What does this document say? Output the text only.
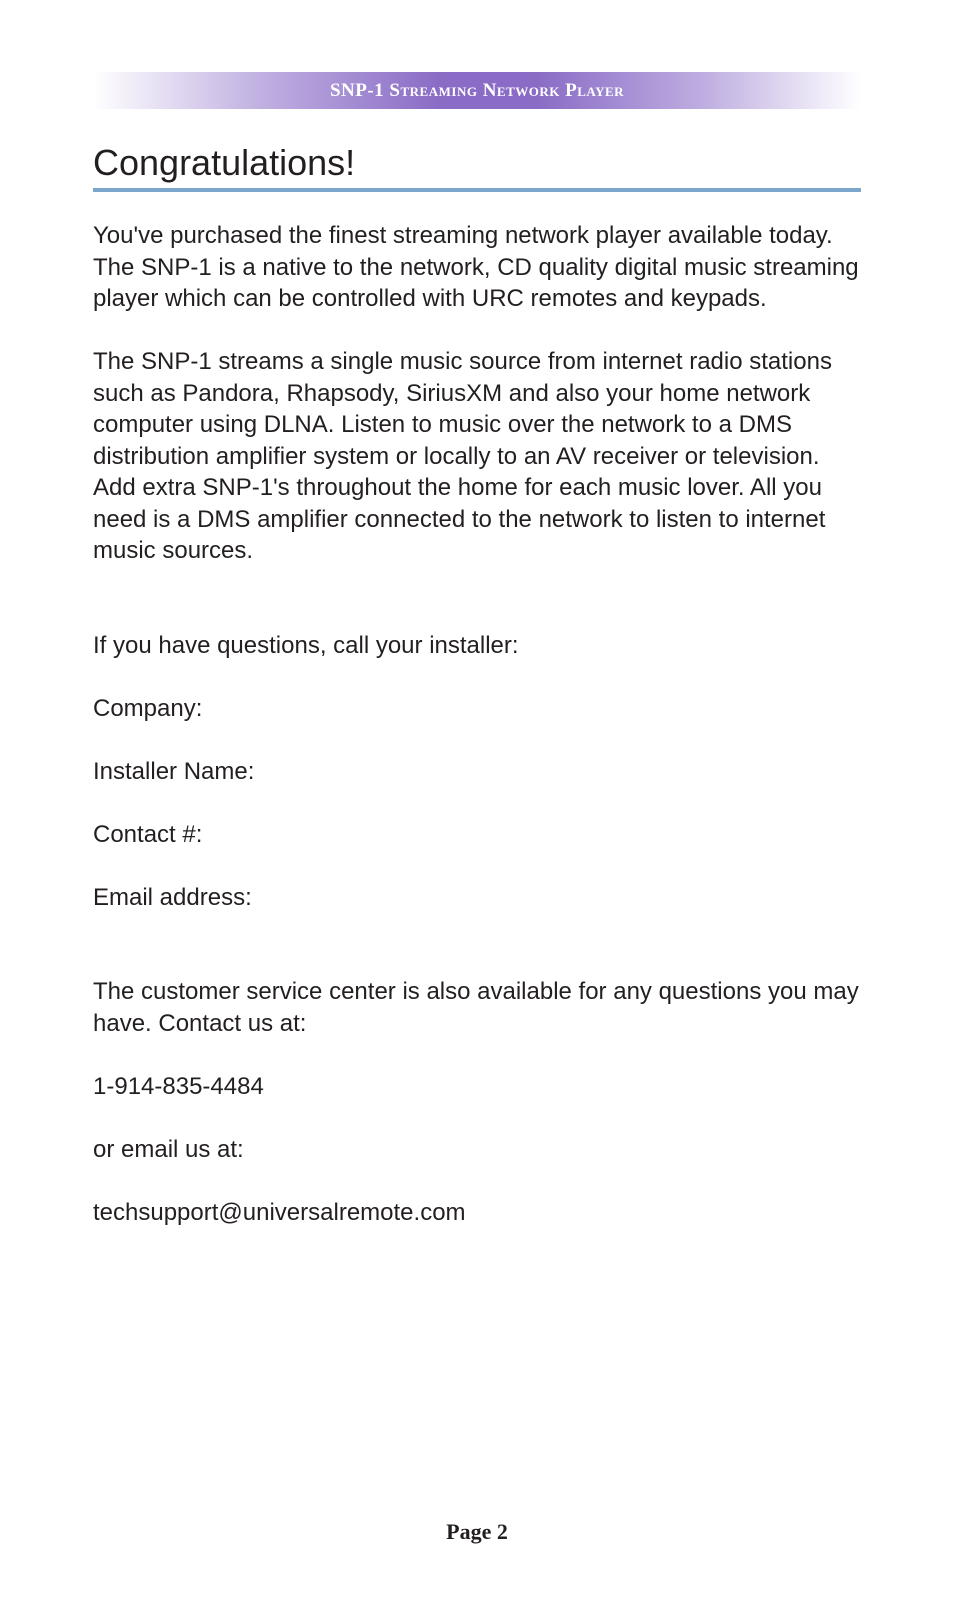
SNP-1 Streaming Network Player
Congratulations!

You've purchased the finest streaming network player available today. The SNP-1 is a native to the network, CD quality digital music streaming player which can be controlled with URC remotes and keypads.

The SNP-1 streams a single music source from internet radio stations such as Pandora, Rhapsody, SiriusXM and also your home network computer using DLNA. Listen to music over the network to a DMS distribution amplifier system or locally to an AV receiver or television. Add extra SNP-1's throughout the home for each music lover. All you need is a DMS amplifier connected to the network to listen to internet music sources.

If you have questions, call your installer:

Company:

Installer Name:

Contact #:

Email address:

The customer service center is also available for any questions you may have. Contact us at:

1-914-835-4484

or email us at:

techsupport@universalremote.com

Page 2
